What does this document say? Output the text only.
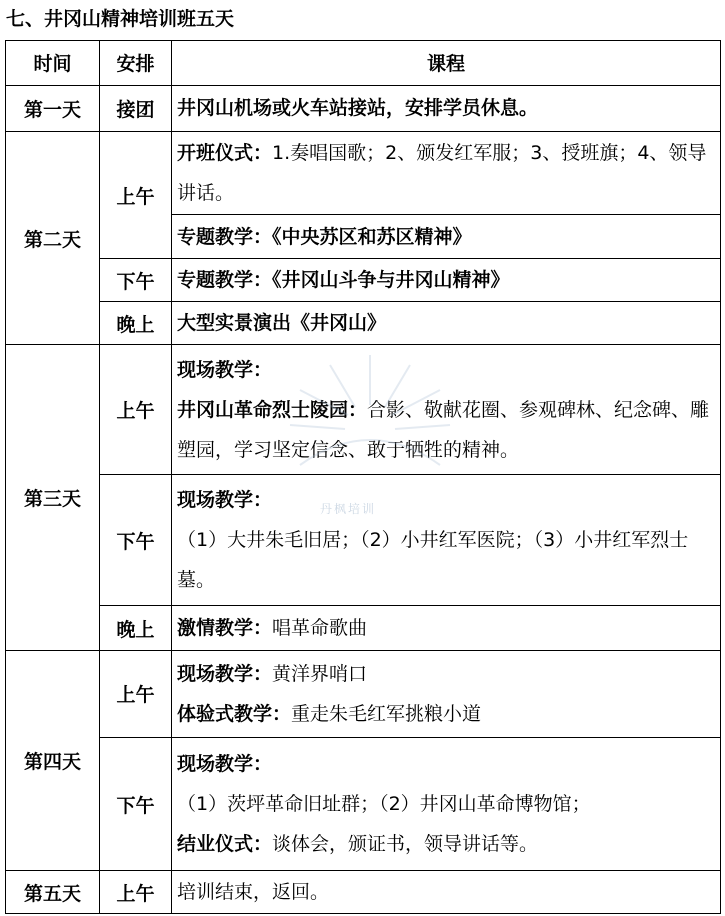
七、井冈山精神培训班五天
时间	安排	课程
第一天	接团	井冈山机场或火车站接站，安排学员休息。
第二天	上午	开班仪式：1.奏唱国歌；2、颁发红军服；3、授班旗；4、领导讲话。
		专题教学：《中央苏区和苏区精神》
	下午	专题教学：《井冈山斗争与井冈山精神》
	晚上	大型实景演出《井冈山》
第三天	上午	现场教学：
井冈山革命烈士陵园：合影、敬献花圈、参观碑林、纪念碑、雕塑园，学习坚定信念、敢于牺牲的精神。

	下午	现场教学：
（1）大井朱毛旧居；（2）小井红军医院；（3）小井红军烈士墓。

	晚上	激情教学：唱革命歌曲
第四天	上午	现场教学：黄洋界哨口
体验式教学：重走朱毛红军挑粮小道

	下午	现场教学：
（1）茨坪革命旧址群；（2）井冈山革命博物馆；
结业仪式：谈体会，颁证书，领导讲话等。

第五天	上午	培训结束，返回。
丹枫培训
